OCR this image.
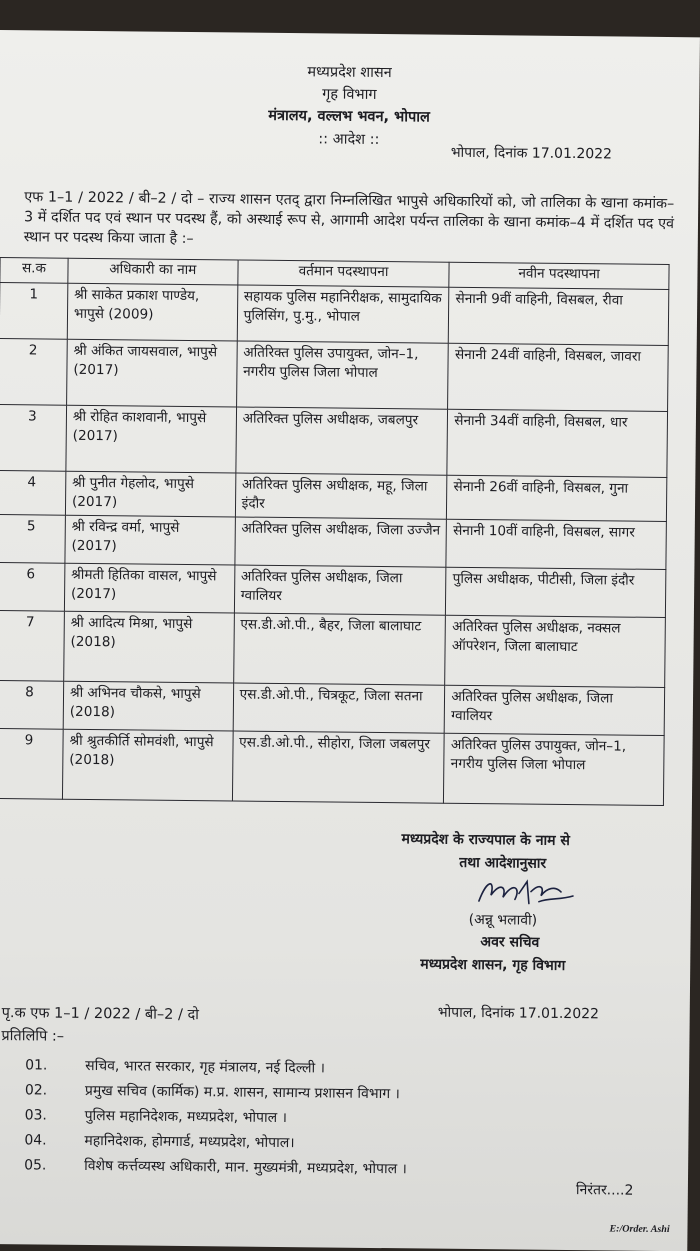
मध्यप्रदेश शासन
गृह विभाग
मंत्रालय, वल्लभ भवन, भोपाल
:: आदेश ::
भोपाल, दिनांक 17.01.2022
एफ 1–1 / 2022 / बी–2 / दो – राज्य शासन एतद् द्वारा निम्नलिखित भापुसे अधिकारियों को, जो तालिका के खाना कमांक–3 में दर्शित पद एवं स्थान पर पदस्थ हैं, को अस्थाई रूप से, आगामी आदेश पर्यन्त तालिका के खाना कमांक–4 में दर्शित पद एवं स्थान पर पदस्थ किया जाता है :–
स.क	अधिकारी का नाम	वर्तमान पदस्थापना	नवीन पदस्थापना
1	श्री साकेत प्रकाश पाण्डेय, भापुसे (2009)	सहायक पुलिस महानिरीक्षक, सामुदायिक पुलिसिंग, पु.मु., भोपाल	सेनानी 9वीं वाहिनी, विसबल, रीवा
2	श्री अंकित जायसवाल, भापुसे (2017)	अतिरिक्त पुलिस उपायुक्त, जोन–1, नगरीय पुलिस जिला भोपाल	सेनानी 24वीं वाहिनी, विसबल, जावरा
3	श्री रोहित काशवानी, भापुसे (2017)	अतिरिक्त पुलिस अधीक्षक, जबलपुर	सेनानी 34वीं वाहिनी, विसबल, धार
4	श्री पुनीत गेहलोद, भापुसे (2017)	अतिरिक्त पुलिस अधीक्षक, महू, जिला इंदौर	सेनानी 26वीं वाहिनी, विसबल, गुना
5	श्री रविन्द्र वर्मा, भापुसे (2017)	अतिरिक्त पुलिस अधीक्षक, जिला उज्जैन	सेनानी 10वीं वाहिनी, विसबल, सागर
6	श्रीमती हितिका वासल, भापुसे (2017)	अतिरिक्त पुलिस अधीक्षक, जिला ग्वालियर	पुलिस अधीक्षक, पीटीसी, जिला इंदौर
7	श्री आदित्य मिश्रा, भापुसे (2018)	एस.डी.ओ.पी., बैहर, जिला बालाघाट	अतिरिक्त पुलिस अधीक्षक, नक्सल ऑपरेशन, जिला बालाघाट
8	श्री अभिनव चौकसे, भापुसे (2018)	एस.डी.ओ.पी., चित्रकूट, जिला सतना	अतिरिक्त पुलिस अधीक्षक, जिला ग्वालियर
9	श्री श्रुतकीर्ति सोमवंशी, भापुसे (2018)	एस.डी.ओ.पी., सीहोरा, जिला जबलपुर	अतिरिक्त पुलिस उपायुक्त, जोन–1, नगरीय पुलिस जिला भोपाल
मध्यप्रदेश के राज्यपाल के नाम से
तथा आदेशानुसार
(अन्नू भलावी)
अवर सचिव
मध्यप्रदेश शासन, गृह विभाग
पृ.क एफ 1–1 / 2022 / बी–2 / दो	भोपाल, दिनांक 17.01.2022
प्रतिलिपि :–
01.	सचिव, भारत सरकार, गृह मंत्रालय, नई दिल्ली ।
02.	प्रमुख सचिव (कार्मिक) म.प्र. शासन, सामान्य प्रशासन विभाग ।
03.	पुलिस महानिदेशक, मध्यप्रदेश, भोपाल ।
04.	महानिदेशक, होमगार्ड, मध्यप्रदेश, भोपाल।
05.	विशेष कर्त्तव्यस्थ अधिकारी, मान. मुख्यमंत्री, मध्यप्रदेश, भोपाल ।
निरंतर....2
E:/Order. Ashi
